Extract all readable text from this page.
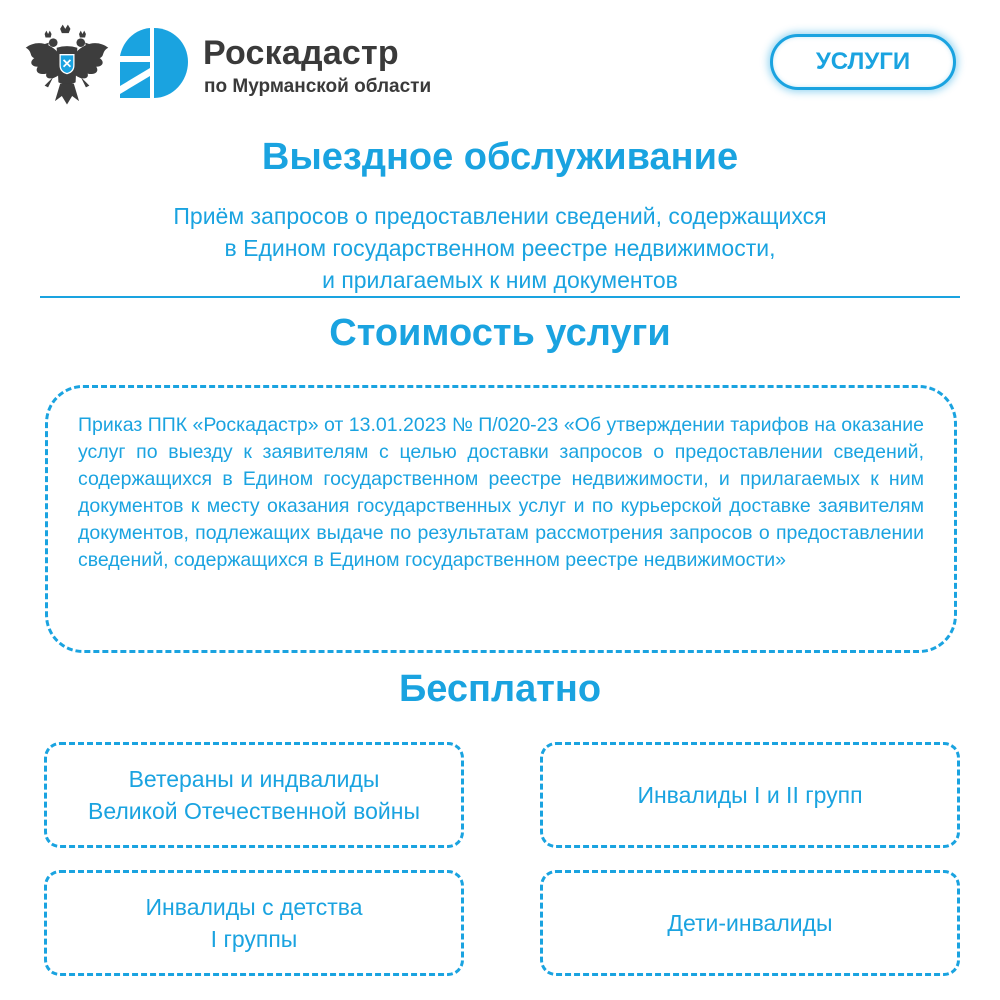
Роскадастр
по Мурманской области
УСЛУГИ
Выездное обслуживание
Приём запросов о предоставлении сведений, содержащихся
в Едином государственном реестре недвижимости,
и прилагаемых к ним документов
Стоимость услуги

Приказ ППК «Роскадастр» от 13.01.2023 № П/020-23 «Об утверждении тарифов на оказание услуг по выезду к заявителям с целью доставки запросов о предоставлении сведений, содержащихся в Едином государственном реестре недвижимости, и прилагаемых к ним документов к месту оказания государственных услуг и по курьерской доставке заявителям документов, подлежащих выдаче по результатам рассмотрения запросов о предоставлении сведений, содержащихся в Едином государственном реестре недвижимости»

Бесплатно
Ветераны и индвалиды
Великой Отечественной войны
Инвалиды I и II групп
Инвалиды с детства
I группы
Дети-инвалиды
